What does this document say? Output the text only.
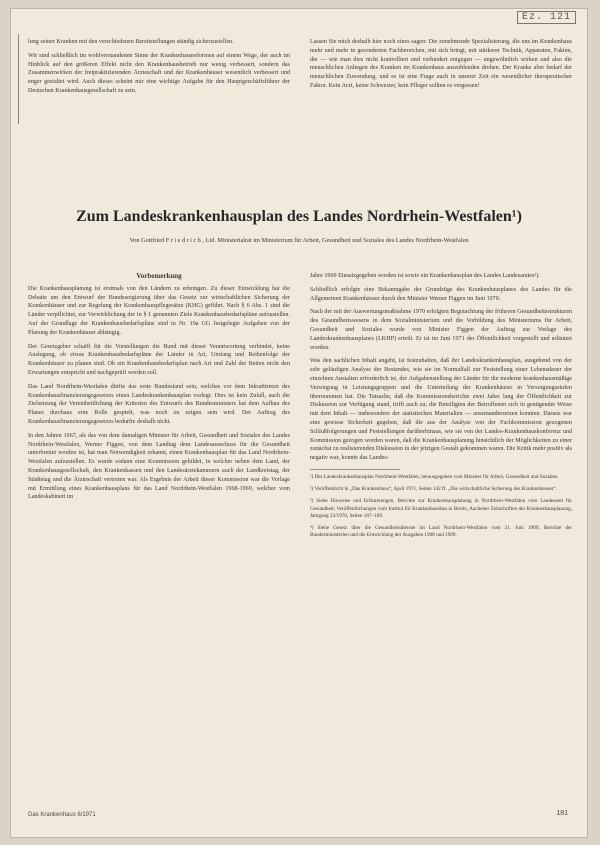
Ez. 121

lung seiner Kranken mit den verschiedenen Bereitstellungen ständig sicherzustellen.

Wir sind schließlich im wohlverstandenen Sinne der Krankenhausreformen auf einem Wege, der auch im Hinblick auf den größeren Effekt nicht den Krankenhausbetrieb nur wenig verbessert, sondern das Zusammenwirken der freipraktizierenden Ärzteschaft und der Krankenhäuser wesentlich verbessert und enger gestaltet wird. Auch dieses scheint mir eine wichtige Aufgabe für den Hauptgeschäftsführer der Deutschen Krankenhausgesellschaft zu sein.

Lassen Sie mich deshalb hier noch eines sagen: Die zunehmende Spezialisierung, die uns im Krankenhaus mehr und mehr in gesonderten Fachbereichen, mit sich bringt, mit stärkerer Technik, Apparaten, Fakten, die — wie man dies nicht kontrolliert und verhindert entgegen — ungewöhnlich wirken und also die menschlichen Anliegen des Kranken im Krankenhaus auszublenden drohen. Der Kranke aber bedarf der menschlichen Zuwendung, und es ist eine Frage auch in unserer Zeit ein wesentlicher therapeutischer Faktor. Kein Arzt, keine Schwester, kein Pfleger sollten es vergessen!

Zum Landeskrankenhausplan des Landes Nordrhein-Westfalen¹)
Von Gottfried Friedrich, Ltd. Ministerialrat im Ministerium für Arbeit, Gesundheit und Soziales des Landes Nordrhein-Westfalen
Vorbemerkung

Die Krankenhausplanung ist erstmals von den Ländern zu erbringen. Zu dieser Entwicklung hat die Debatte um den Entwurf der Bundesregierung über das Gesetz zur wirtschaftlichen Sicherung der Krankenhäuser und zur Regelung der Krankenhauspflegesätze (KHG) geführt. Nach § 6 Abs. 1 sind die Länder verpflichtet, zur Verwirklichung der in § 1 genannten Ziele Krankenhausbedarfspläne aufzustellen. Auf der Grundlage der Krankenhausbedarfspläne sind in Nr. 19a GG festgelegte Aufgaben von der Planung der Krankenhäuser abhängig.

Der Gesetzgeber schafft für die Vorstellungen die Bund mit dieser Verantwortung verbindet, keine Auslegung, ob etwas Krankenhausbedarfspläne der Länder in Art, Umfang und Reihenfolge der Krankenhäuser zu planen sind. Ob ein Krankenhausbedarfsplan nach Art und Zahl der Betten nicht den Erwartungen entspricht und nachgeprüft werden soll.

Das Land Nordrhein-Westfalen dürfte das erste Bundesland sein, welches vor dem Inkrafttreten des Krankenhausfinanzierungsgesetzes einen Landeskrankenhausplan vorlegt. Dies ist kein Zufall, auch die Zielsetzung der Vereinheitlichung der Kriterien des Entwurfs des Bundesministers hat dem Aufbau des Planes durchaus eine Rolle gespielt, was noch zu zeigen sein wird. Der Auftrag des Krankenhausfinanzierungsgesetzes bedurfte deshalb nicht.

In den Jahren 1967, als das von dem damaligen Minister für Arbeit, Gesundheit und Soziales des Landes Nordrhein-Westfalen, Werner Figgen, von dem Landtag dem Landesausschuss für die Gesundheit unterbreitet worden ist, hat man Notwendigkeit erkannt, einen Krankenhausplan für das Land Nordrhein-Westfalen aufzustellen. Es wurde sodann eine Kommission gebildet, in welcher neben dem Land, der Krankenhausgesellschaft, den Krankenkassen und den Landesärztekammern auch der Landkreistag, der Städtetag und die Ärzteschaft vertreten war. Als Ergebnis der Arbeit dieser Kommission war die Vorlage mit Ermittlung eines Krankenhausplans für das Land Nordrhein-Westfalen 1968-1969, welcher vom Landeskabinett im

Jahre 1969 Einsatzgegeben worden ist sowie ein Krankenhausplan des Landes Landesamtes²).

Schließlich erfolgte eine Bekanntgabe der Grundzüge des Krankenhausplanes des Landes für die Allgemeinen Krankenhäuser durch den Minister Werner Figgen im Juni 1970.

Nach der mit der Auswertungsmaßnahme 1970 erfolgten Begutachtung der früheren Gesundheitsstrukturen des Gesundheitswesens in dem Sozialministerium und die Vorbildung des Ministeriums für Arbeit, Gesundheit und Soziales wurde von Minister Figgen der Auftrag zur Vorlage des Landeskrankenhausplanes (LKHP) erteilt. Er ist im Juni 1971 der Öffentlichkeit vorgestellt und erläutert worden.

Was den sachlichen Inhalt angeht, ist festzuhalten, daß der Landeskrankenhausplan, ausgehend von der sehr geläufigen Analyse der Bestandes, wie sie im Normalfall zur Feststellung einer Lebensdauer der einzelnen Anstalten erforderlich ist, der Aufgabenstellung der Länder für die moderne krankenhausmäßige Versorgung in Leistungsgruppen und die Unterteilung der Krankenhäuser in Versorgungsstufen übernommen hat. Die Tatsache, daß die Kommissionsberichte zwei Jahre lang der Öffentlichkeit zur Diskussion zur Verfügung stand, trifft auch zu; die Beteiligten der Betroffenen sich in genügender Weise mit dem Inhalt — insbesondere der statistischen Materialien — auseinandersetzen konnten. Daraus war eine gewisse Sicherheit gegeben, daß die aus der Analyse von der Fachkommission gezogenen Schlußfolgerungen und Feststellungen darüberhinaus, wie sie von der Landes-Krankenhauskonferenz und Kommission gezogen worden waren, daß die Krankenhausplanung hinsichtlich der Möglichkeiten zu einer zunächst zu realisierenden Diskussion in der jetzigen Gestalt gekommen waren. Die Kritik mehr positiv als negativ war, konnte das Landes-

¹) Der Landeskrankenhausplan Nordrhein-Westfalen, herausgegeben vom Minister für Arbeit, Gesundheit und Soziales.

²) Veröffentlicht in „Das Krankenhaus“, April 1971, Seiten 142 ff. „Die wirtschaftliche Sicherung des Krankenhauses“.

³) Siehe Hinweise und Erläuterungen, Berichte zur Krankenhausplanung in Nordrhein-Westfalen vom Landesamt für Gesundheit; Veröffentlichungen vom Institut für Krankenhausbau in Berlin, Aachener Zeitschriften der Krankenhausplanung, Jahrgang 33/1970, Seiten 187–189.

⁴) Siehe Gesetz über die Gesundheitsdienste im Land Nordrhein-Westfalen vom 21. Juni 1969; Berichte der Bundesministerien und die Entwicklung der Ausgaben 1968 und 1969.

Das Krankenhaus 6/1971	181
